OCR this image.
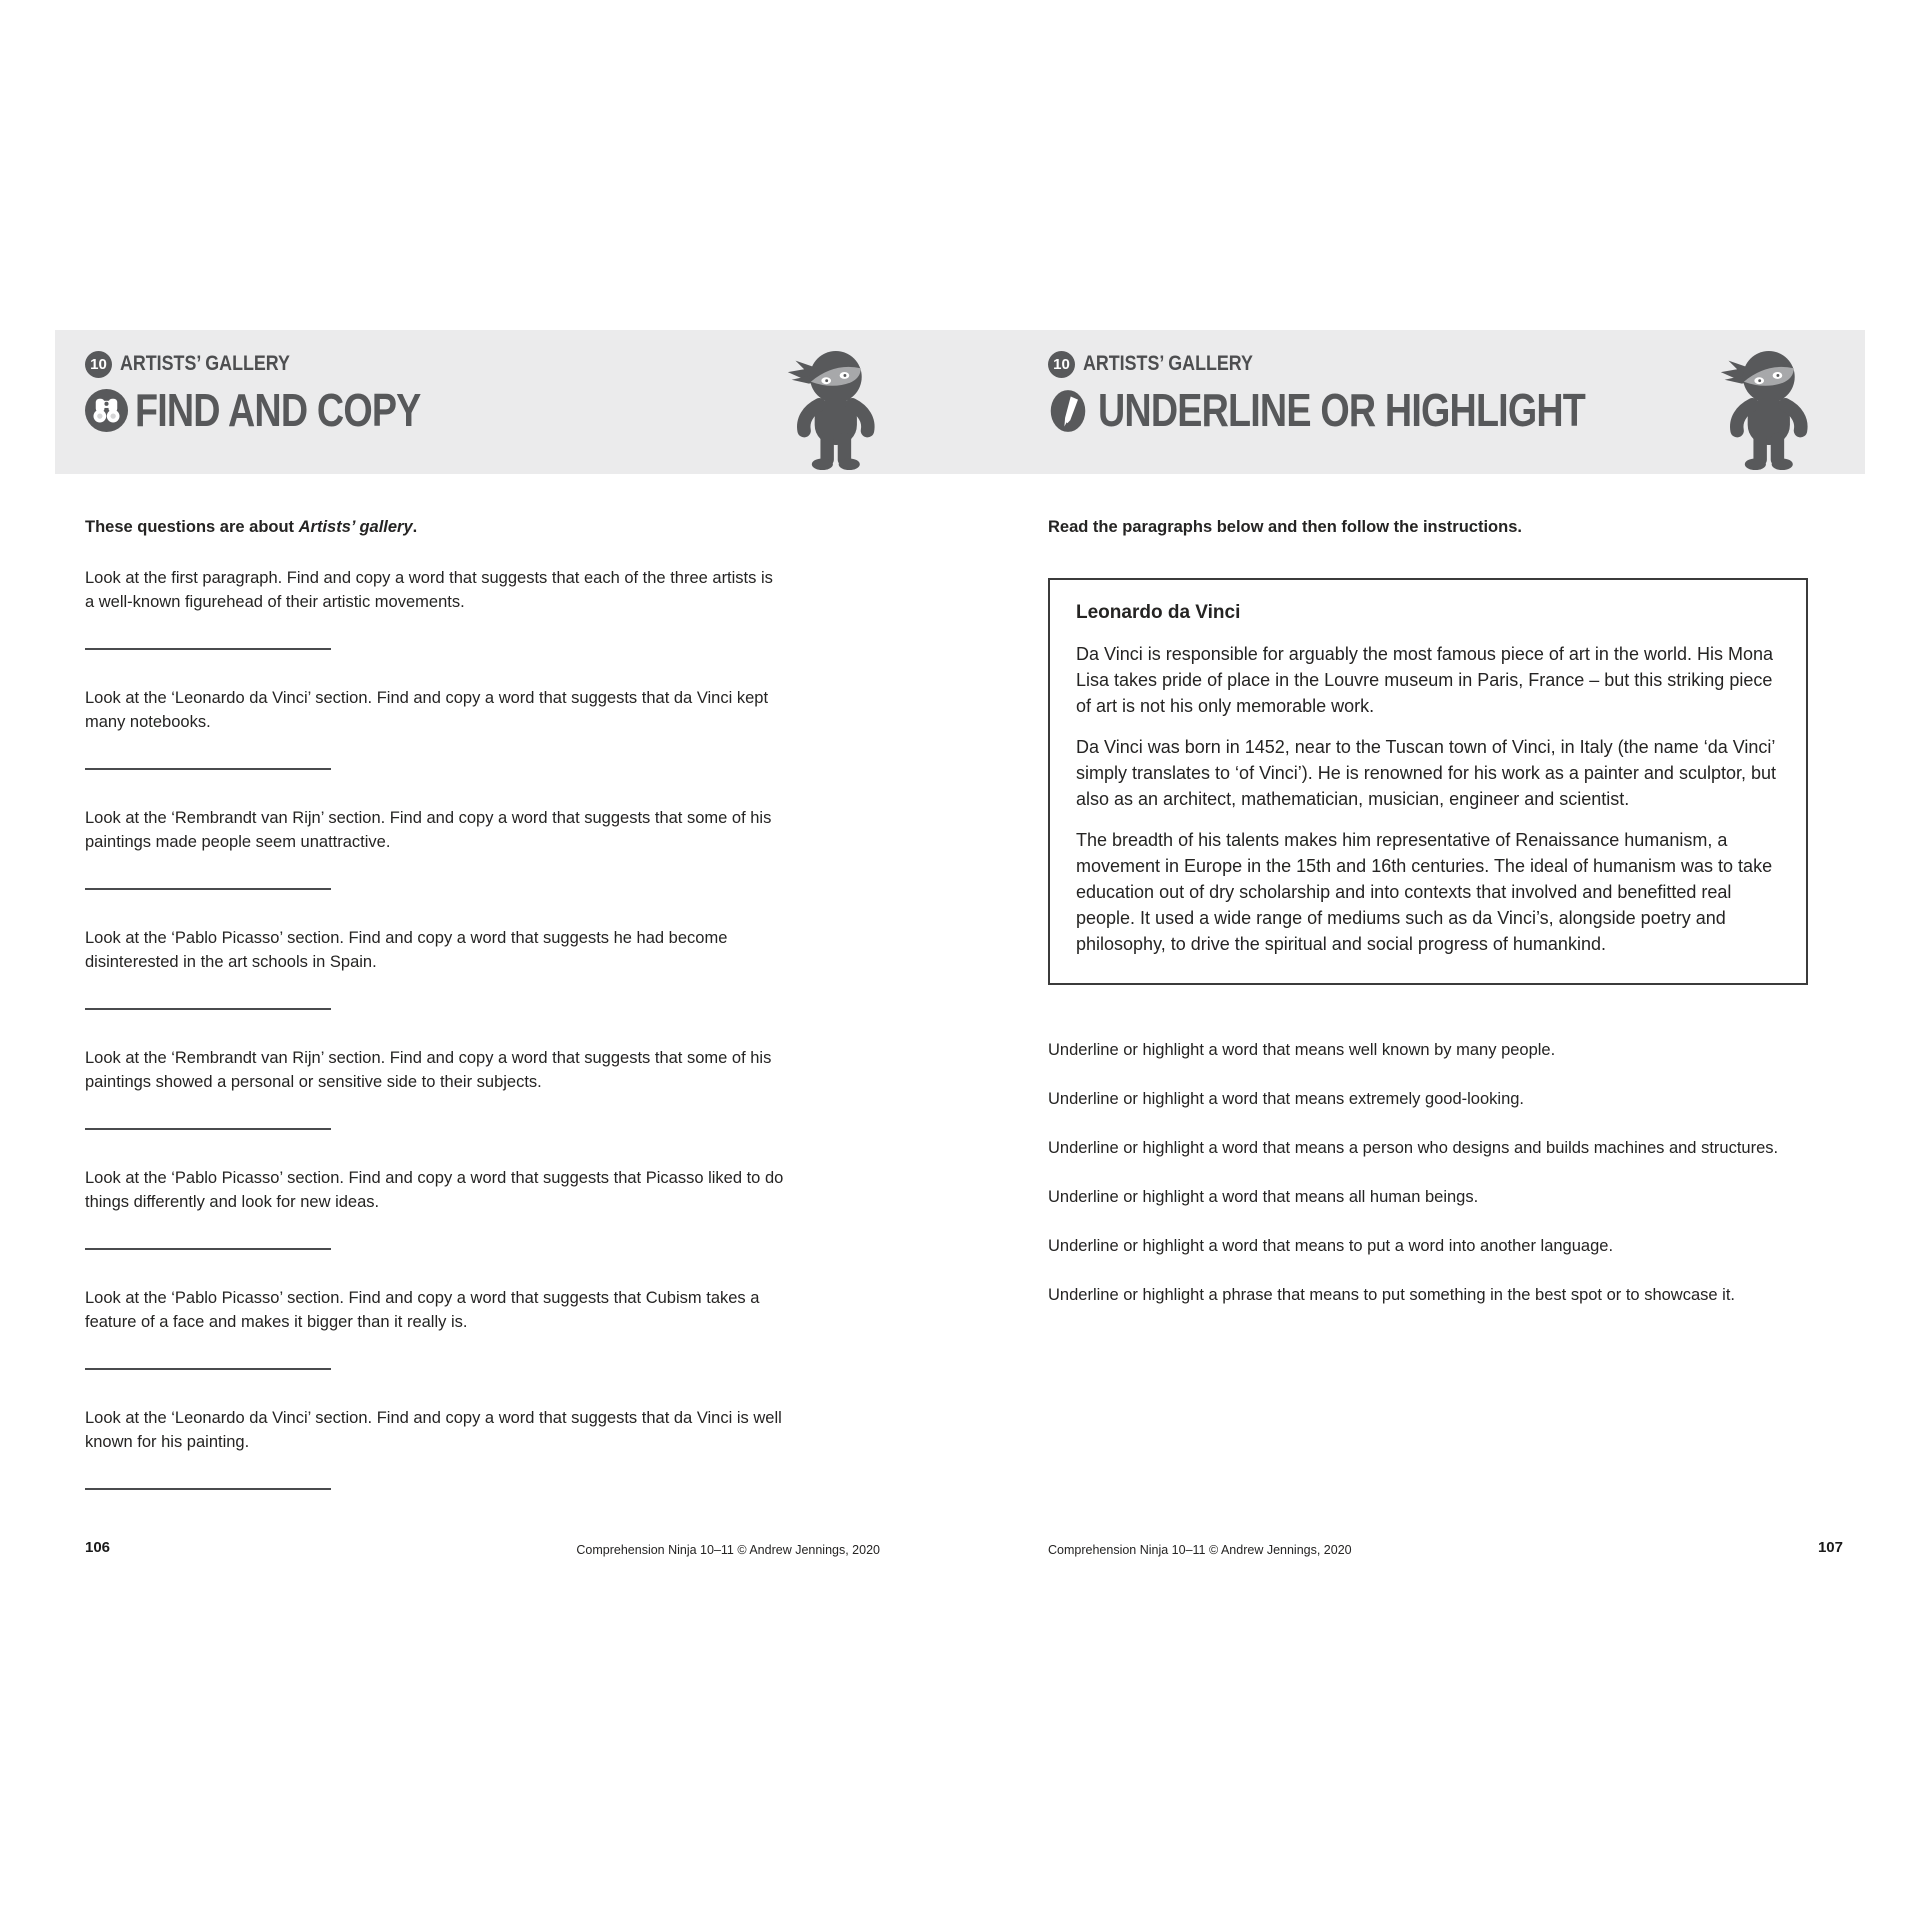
10 ARTISTS’ GALLERY
FIND AND COPY
10 ARTISTS’ GALLERY
UNDERLINE OR HIGHLIGHT

These questions are about Artists’ gallery.

Look at the first paragraph. Find and copy a word that suggests that each of the three artists is a well-known figurehead of their artistic movements.

Look at the ‘Leonardo da Vinci’ section. Find and copy a word that suggests that da Vinci kept many notebooks.

Look at the ‘Rembrandt van Rijn’ section. Find and copy a word that suggests that some of his paintings made people seem unattractive.

Look at the ‘Pablo Picasso’ section. Find and copy a word that suggests he had become disinterested in the art schools in Spain.

Look at the ‘Rembrandt van Rijn’ section. Find and copy a word that suggests that some of his paintings showed a personal or sensitive side to their subjects.

Look at the ‘Pablo Picasso’ section. Find and copy a word that suggests that Picasso liked to do things differently and look for new ideas.

Look at the ‘Pablo Picasso’ section. Find and copy a word that suggests that Cubism takes a feature of a face and makes it bigger than it really is.

Look at the ‘Leonardo da Vinci’ section. Find and copy a word that suggests that da Vinci is well known for his painting.

Read the paragraphs below and then follow the instructions.

Leonardo da Vinci

Da Vinci is responsible for arguably the most famous piece of art in the world. His Mona Lisa takes pride of place in the Louvre museum in Paris, France – but this striking piece of art is not his only memorable work.

Da Vinci was born in 1452, near to the Tuscan town of Vinci, in Italy (the name ‘da Vinci’ simply translates to ‘of Vinci’). He is renowned for his work as a painter and sculptor, but also as an architect, mathematician, musician, engineer and scientist.

The breadth of his talents makes him representative of Renaissance humanism, a movement in Europe in the 15th and 16th centuries. The ideal of humanism was to take education out of dry scholarship and into contexts that involved and benefitted real people. It used a wide range of mediums such as da Vinci’s, alongside poetry and philosophy, to drive the spiritual and social progress of humankind.

Underline or highlight a word that means well known by many people.

Underline or highlight a word that means extremely good-looking.

Underline or highlight a word that means a person who designs and builds machines and structures.

Underline or highlight a word that means all human beings.

Underline or highlight a word that means to put a word into another language.

Underline or highlight a phrase that means to put something in the best spot or to showcase it.

106	Comprehension Ninja 10–11 © Andrew Jennings, 2020	Comprehension Ninja 10–11 © Andrew Jennings, 2020	107
